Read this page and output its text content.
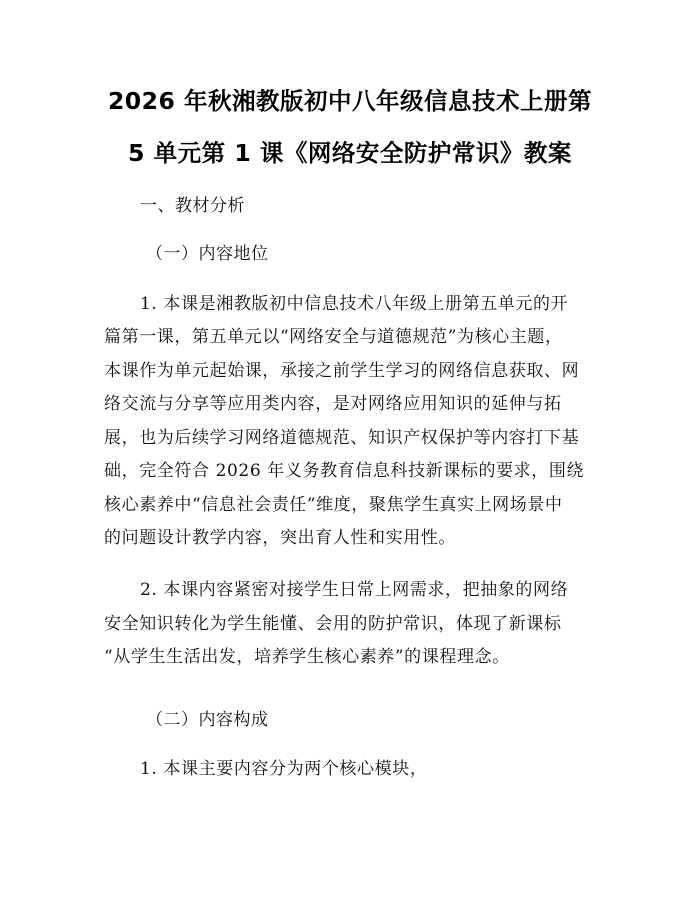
2026 年秋湘教版初中八年级信息技术上册第
5 单元第 1 课《网络安全防护常识》教案
一、教材分析
（一）内容地位
1. 本课是湘教版初中信息技术八年级上册第五单元的开
篇第一课，第五单元以“网络安全与道德规范”为核心主题，
本课作为单元起始课，承接之前学生学习的网络信息获取、网
络交流与分享等应用类内容，是对网络应用知识的延伸与拓
展，也为后续学习网络道德规范、知识产权保护等内容打下基
础，完全符合 2026 年义务教育信息科技新课标的要求，围绕
核心素养中“信息社会责任”维度，聚焦学生真实上网场景中
的问题设计教学内容，突出育人性和实用性。
2. 本课内容紧密对接学生日常上网需求，把抽象的网络
安全知识转化为学生能懂、会用的防护常识，体现了新课标
“从学生生活出发，培养学生核心素养”的课程理念。
（二）内容构成
1. 本课主要内容分为两个核心模块，
